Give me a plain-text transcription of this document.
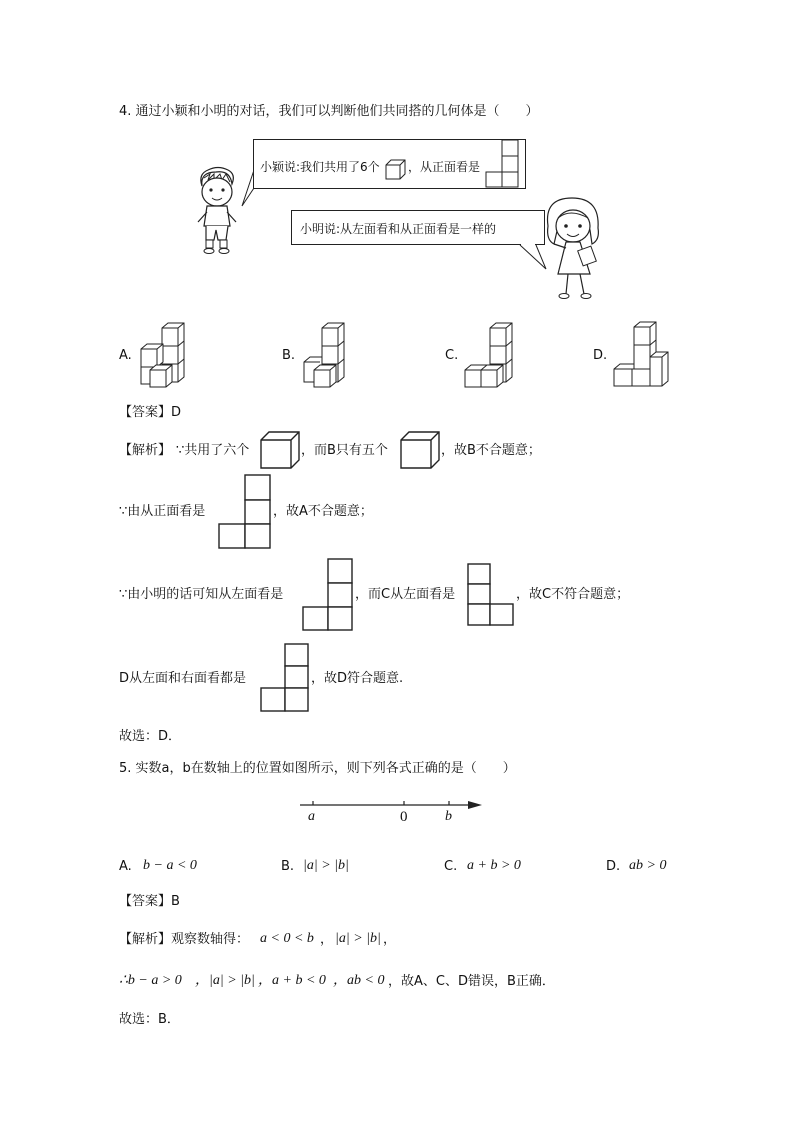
4. 通过小颖和小明的对话，我们可以判断他们共同搭的几何体是（　　）
小颖说:我们共用了6个 ，从正面看是
小明说:从左面看和从正面看是一样的
A.	B.	C.	D.
【答案】D
【解析】 ∵共用了六个	，而B只有五个	，故B不合题意；
∵由从正面看是	，故A不合题意；
∵由小明的话可知从左面看是	，而C从左面看是	，故C不符合题意；
D从左面和右面看都是	，故D符合题意.
故选：D．
5. 实数a，b在数轴上的位置如图所示，则下列各式正确的是（　　）
a	0	b
A. b − a < 0	B. |a| > |b|	C. a + b > 0	D. ab > 0
【答案】B
【解析】观察数轴得： a < 0 < b ， |a| > |b| ，
∴b − a > 0 ，|a| > |b| ，a + b < 0 ，ab < 0 ，故A、C、D错误，B正确．
故选：B．
